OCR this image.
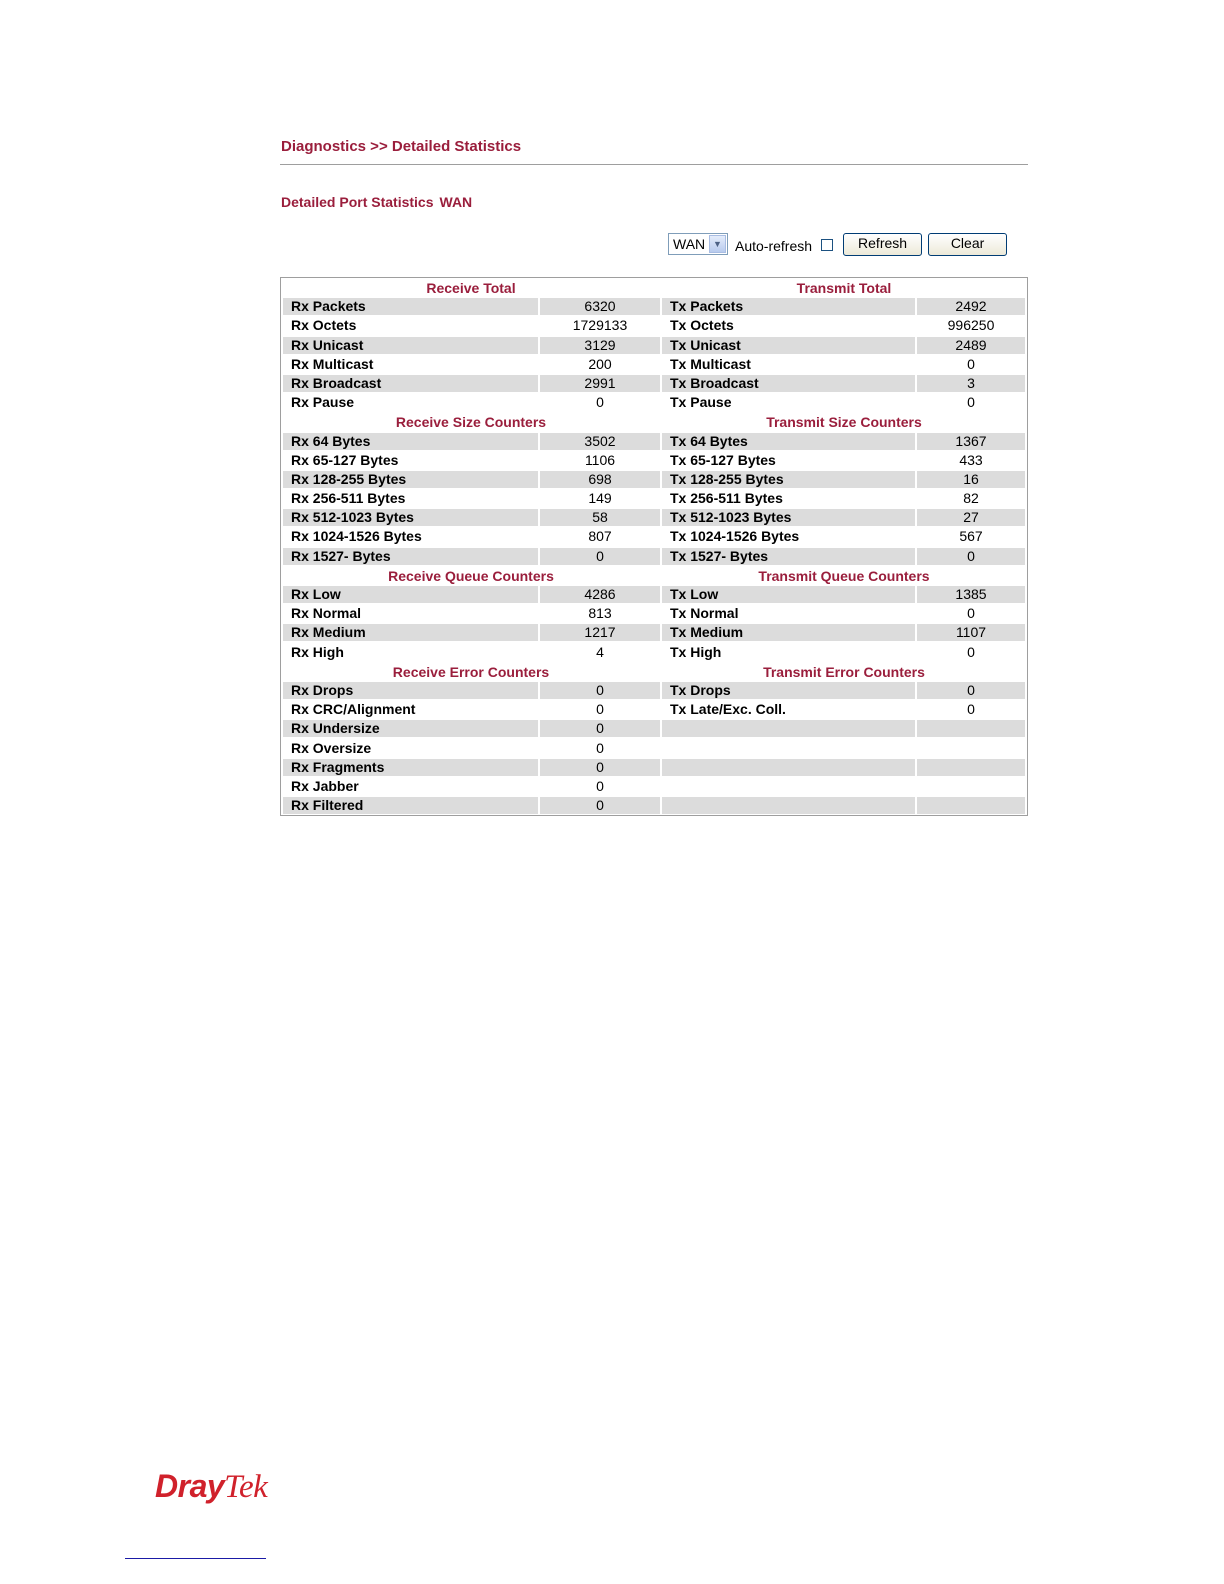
Diagnostics >> Detailed Statistics
Detailed Port Statistics WAN
WAN ▼ Auto-refresh	Refresh	Clear
Receive Total	Transmit Total
Rx Packets	6320	Tx Packets	2492
Rx Octets	1729133	Tx Octets	996250
Rx Unicast	3129	Tx Unicast	2489
Rx Multicast	200	Tx Multicast	0
Rx Broadcast	2991	Tx Broadcast	3
Rx Pause	0	Tx Pause	0
Receive Size Counters	Transmit Size Counters
Rx 64 Bytes	3502	Tx 64 Bytes	1367
Rx 65-127 Bytes	1106	Tx 65-127 Bytes	433
Rx 128-255 Bytes	698	Tx 128-255 Bytes	16
Rx 256-511 Bytes	149	Tx 256-511 Bytes	82
Rx 512-1023 Bytes	58	Tx 512-1023 Bytes	27
Rx 1024-1526 Bytes	807	Tx 1024-1526 Bytes	567
Rx 1527- Bytes	0	Tx 1527- Bytes	0
Receive Queue Counters	Transmit Queue Counters
Rx Low	4286	Tx Low	1385
Rx Normal	813	Tx Normal	0
Rx Medium	1217	Tx Medium	1107
Rx High	4	Tx High	0
Receive Error Counters	Transmit Error Counters
Rx Drops	0	Tx Drops	0
Rx CRC/Alignment	0	Tx Late/Exc. Coll.	0
Rx Undersize	0
Rx Oversize	0
Rx Fragments	0
Rx Jabber	0
Rx Filtered	0
DrayTek
